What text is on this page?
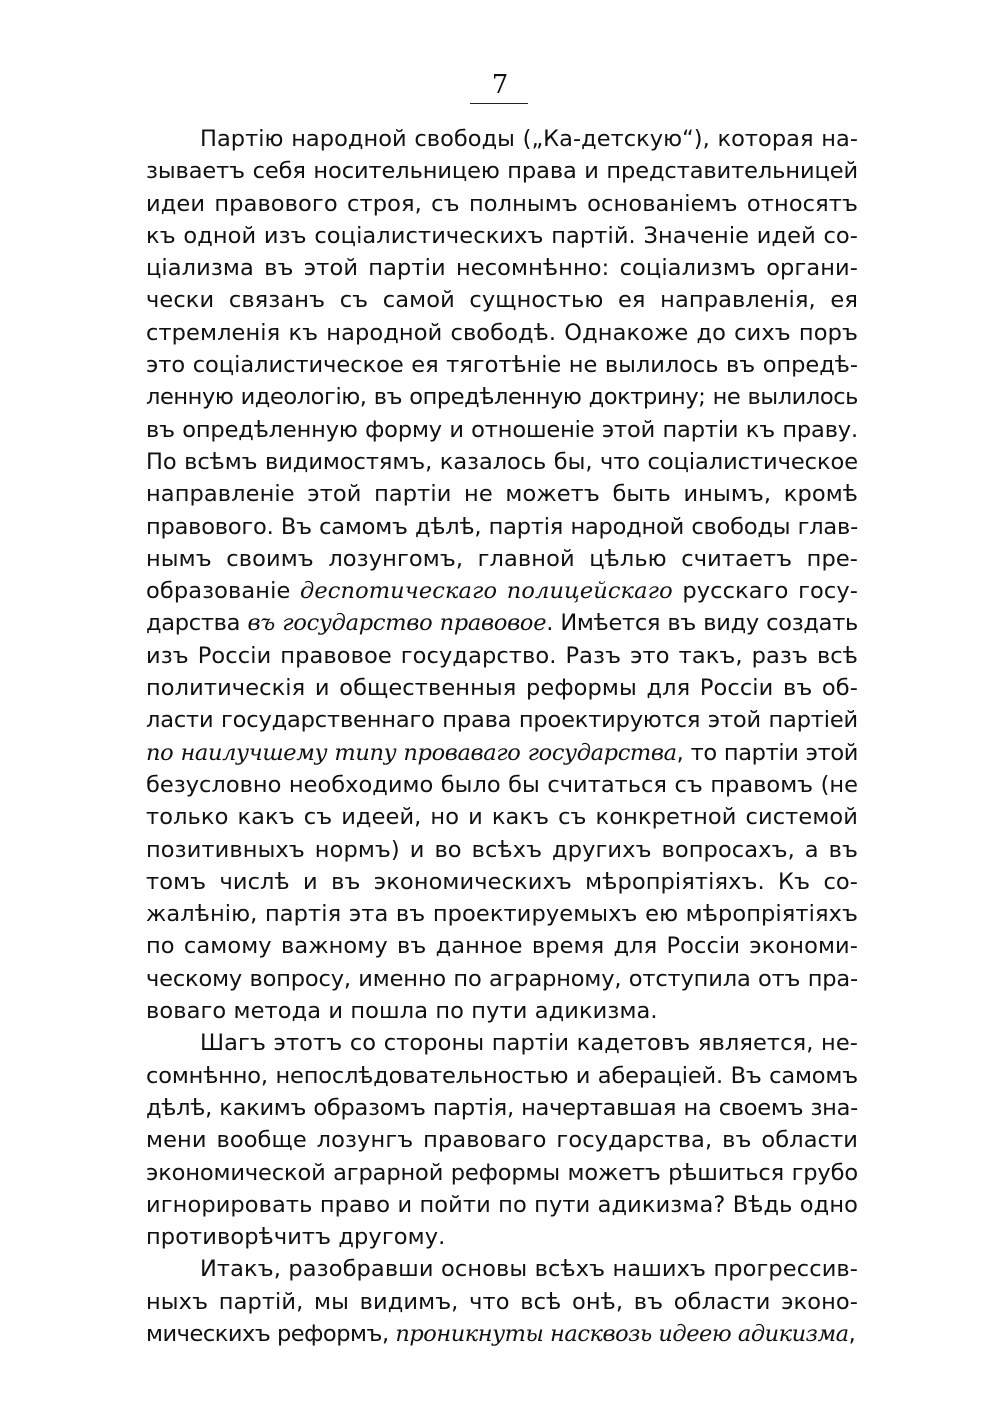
7
Партію народной свободы („Ка-детскую“), которая на-
зываетъ себя носительницею права и представительницей
идеи правового строя, съ полнымъ основаніемъ относятъ
къ одной изъ соціалистическихъ партій. Значеніе идей со-
ціализма въ этой партіи несомнѣнно: соціализмъ органи-
чески связанъ съ самой сущностью ея направленія, ея
стремленія къ народной свободѣ. Однакоже до сихъ поръ
это соціалистическое ея тяготѣніе не вылилось въ опредѣ-
ленную идеологію, въ опредѣленную доктрину; не вылилось
въ опредѣленную форму и отношеніе этой партіи къ праву.
По всѣмъ видимостямъ, казалось бы, что соціалистическое
направленіе этой партіи не можетъ быть инымъ, кромѣ
правового. Въ самомъ дѣлѣ, партія народной свободы глав-
нымъ своимъ лозунгомъ, главной цѣлью считаетъ пре-
образованіе деспотическаго полицейскаго русскаго госу-
дарства въ государство правовое. Имѣется въ виду создать
изъ Россіи правовое государство. Разъ это такъ, разъ всѣ
политическія и общественныя реформы для Россіи въ об-
ласти государственнаго права проектируются этой партіей
по наилучшему типу проваваго государства, то партіи этой
безусловно необходимо было бы считаться съ правомъ (не
только какъ съ идеей, но и какъ съ конкретной системой
позитивныхъ нормъ) и во всѣхъ другихъ вопросахъ, а въ
томъ числѣ и въ экономическихъ мѣропріятіяхъ. Къ со-
жалѣнію, партія эта въ проектируемыхъ ею мѣропріятіяхъ
по самому важному въ данное время для Россіи экономи-
ческому вопросу, именно по аграрному, отступила отъ пра-
вовaго метода и пошла по пути адикизма.
Шагъ этотъ со стороны партіи кадетовъ является, не-
сомнѣнно, непослѣдовательностью и аберaціей. Въ самомъ
дѣлѣ, какимъ образомъ партія, начертавшая на своемъ зна-
мени вообще лозунгъ правоваго государства, въ области
экономической аграрной реформы можетъ рѣшиться грубо
игнорировать право и пойти по пути адикизма? Вѣдь одно
противорѣчитъ другому.
Итакъ, разобравши основы всѣхъ нашихъ прогрессив-
ныхъ партій, мы видимъ, что всѣ онѣ, въ области эконо-
мическихъ реформъ, проникнуты насквозь идеею адикизма,
